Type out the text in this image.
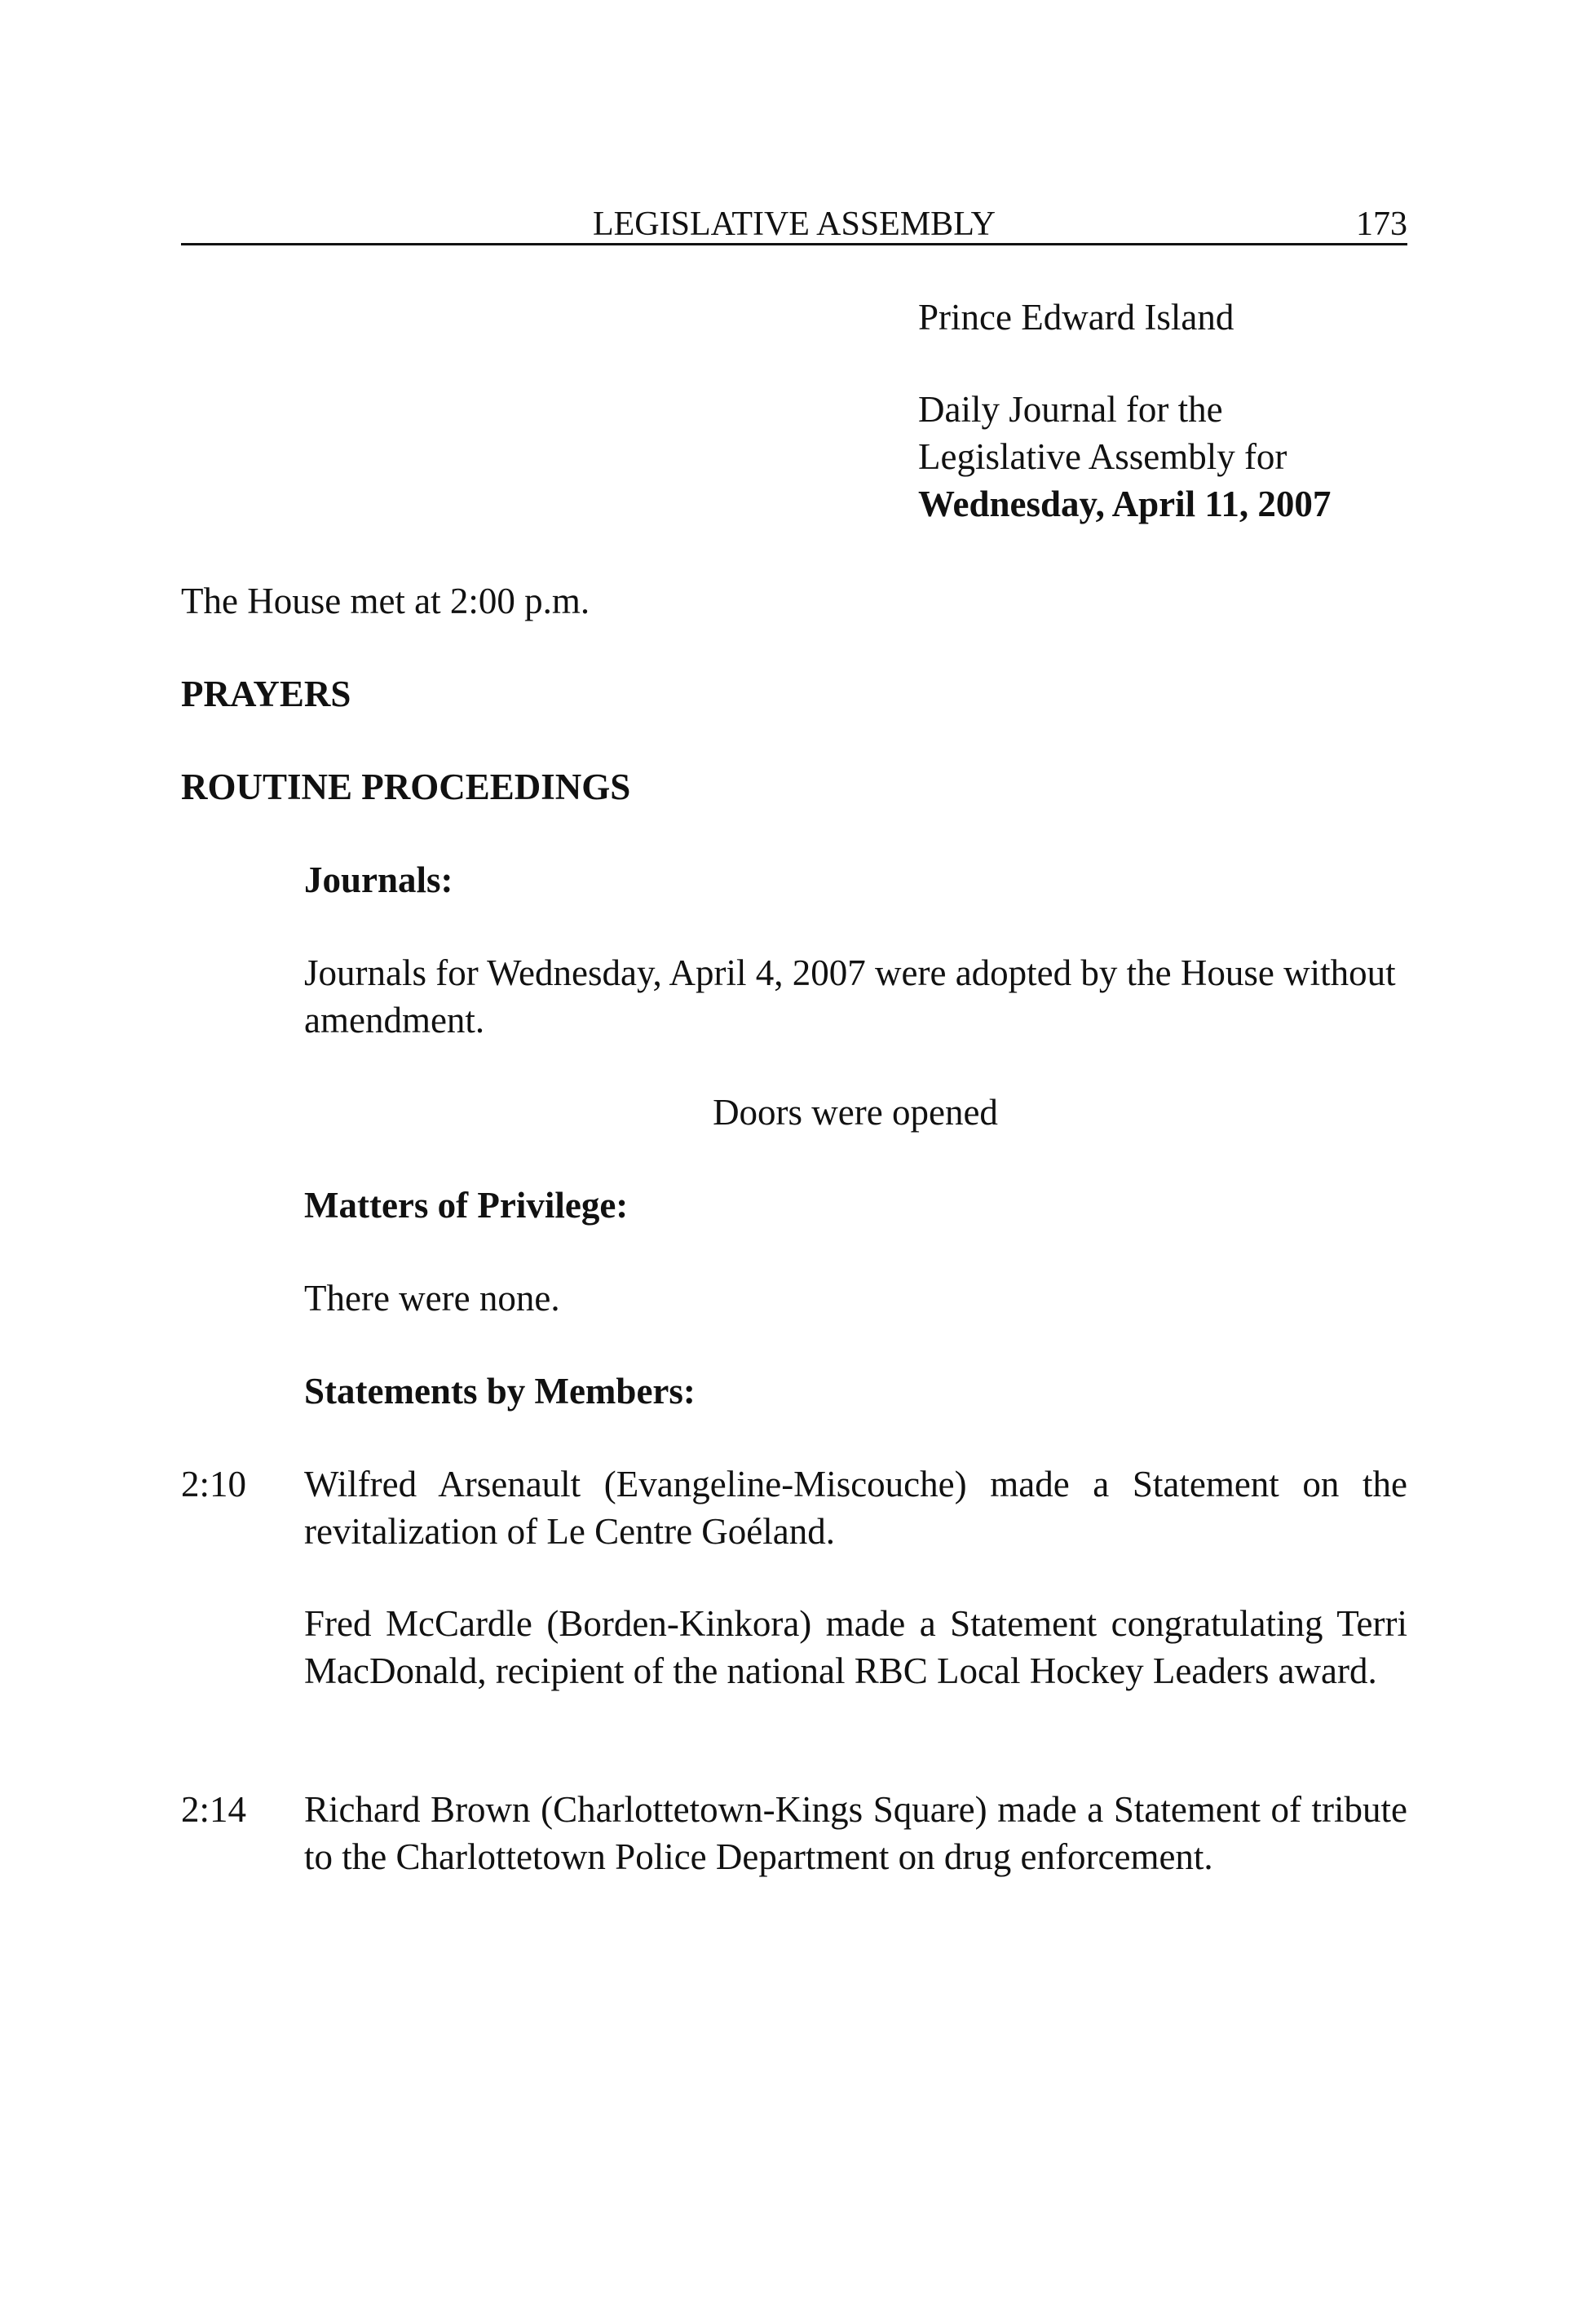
LEGISLATIVE ASSEMBLY	173
Prince Edward Island
Daily Journal for the
Legislative Assembly for
Wednesday, April 11, 2007

The House met at 2:00 p.m.

PRAYERS

ROUTINE PROCEEDINGS

Journals:

Journals for Wednesday, April 4, 2007 were adopted by the House without amendment.

Doors were opened

Matters of Privilege:

There were none.

Statements by Members:

2:10 Wilfred Arsenault (Evangeline-Miscouche) made a Statement on the revitalization of Le Centre Goéland.

Fred McCardle (Borden-Kinkora) made a Statement congratulating Terri MacDonald, recipient of the national RBC Local Hockey Leaders award.

2:14 Richard Brown (Charlottetown-Kings Square) made a Statement of tribute to the Charlottetown Police Department on drug enforcement.
